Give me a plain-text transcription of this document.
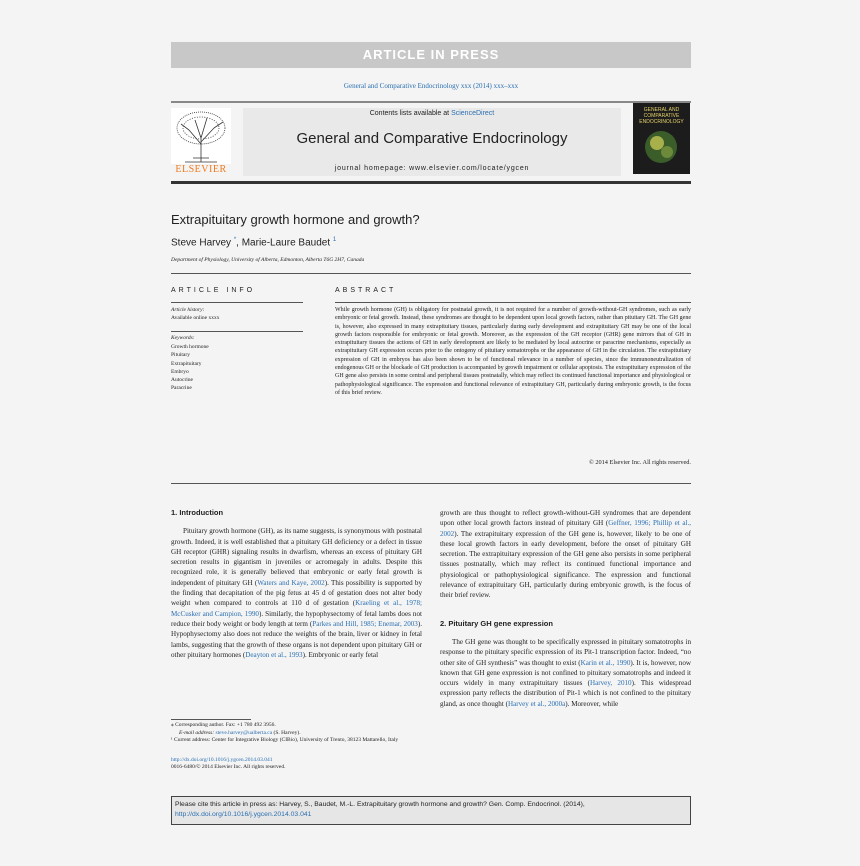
ARTICLE IN PRESS
General and Comparative Endocrinology xxx (2014) xxx–xxx
ELSEVIER
Contents lists available at ScienceDirect
General and Comparative Endocrinology
journal homepage: www.elsevier.com/locate/ygcen
GENERAL AND COMPARATIVE ENDOCRINOLOGY
Extrapituitary growth hormone and growth?
Steve Harvey *, Marie-Laure Baudet $^1$
Department of Physiology, University of Alberta, Edmonton, Alberta T6G 2H7, Canada
ARTICLE INFO
Article history:
Available online xxxx
Keywords:
Growth hormone
Pituitary
Extrapituitary
Embryo
Autocrine
Paracrine
ABSTRACT
While growth hormone (GH) is obligatory for postnatal growth, it is not required for a number of growth-without-GH syndromes, such as early embryonic or fetal growth. Instead, these syndromes are thought to be dependent upon local growth factors, rather than pituitary GH. The GH gene is, however, also expressed in many extrapituitary tissues, particularly during early development and extrapituitary GH may be one of the local growth factors responsible for embryonic or fetal growth. Moreover, as the expression of the GH receptor (GHR) gene mirrors that of GH in extrapituitary tissues the actions of GH in early development are likely to be mediated by local autocrine or paracrine mechanisms, especially as extrapituitary GH expression occurs prior to the ontogeny of pituitary somatotrophs or the appearance of GH in the circulation. The extrapituitary expression of GH in embryos has also been shown to be of functional relevance in a number of species, since the immunoneutralization of endogenous GH or the blockade of GH production is accompanied by growth impairment or cellular apoptosis. The extrapituitary expression of the GH gene also persists in some central and peripheral tissues postnatally, which may reflect its continued functional importance and physiological or pathophysiological significance. The expression and functional relevance of extrapituitary GH, particularly during embryonic growth, is the focus of this brief review.
© 2014 Elsevier Inc. All rights reserved.
1. Introduction
Pituitary growth hormone (GH), as its name suggests, is synonymous with postnatal growth. Indeed, it is well established that a pituitary GH deficiency or a defect in tissue GH receptor (GHR) signaling results in dwarfism, whereas an excess of pituitary GH secretion results in gigantism in juveniles or acromegaly in adults. Despite this recognized role, it is generally believed that embryonic or early fetal growth is independent of pituitary GH (Waters and Kaye, 2002). This possibility is supported by the finding that decapitation of the pig fetus at 45 d of gestation does not alter body weight when compared to controls at 110 d of gestation (Kraeling et al., 1978; McCusker and Campion, 1990). Similarly, the hypophysectomy of fetal lambs does not reduce their body weight or body length at term (Parkes and Hill, 1985; Enemar, 2003). Hypophysectomy also does not reduce the weights of the brain, liver or kidney in fetal lambs, suggesting that the growth of these organs is not dependent upon pituitary GH or other pituitary hormones (Deayton et al., 1993). Embryonic or early fetal
growth are thus thought to reflect growth-without-GH syndromes that are dependent upon other local growth factors instead of pituitary GH (Geffner, 1996; Phillip et al., 2002). The extrapituitary expression of the GH gene is, however, likely to be one of these local growth factors in early development, before the onset of pituitary GH secretion. The extrapituitary expression of the GH gene also persists in some peripheral tissues postnatally, which may reflect its continued functional importance and physiological or pathophysiological significance. The expression and functional relevance of extrapituitary GH, particularly during embryonic growth, is the focus of their brief review.
2. Pituitary GH gene expression
The GH gene was thought to be specifically expressed in pituitary somatotrophs in response to the pituitary specific expression of its Pit-1 transcription factor. Indeed, “no other site of GH synthesis” was thought to exist (Karin et al., 1990). It is, however, now known that GH gene expression is not confined to pituitary somatotrophs and indeed it occurs widely in many extrapituitary tissues (Harvey, 2010). This widespread expression party reflects the distribution of Pit-1 which is not confined to the pituitary gland, as once thought (Harvey et al., 2000a). Moreover, while
⁎ Corresponding author. Fax: +1 780 492 3956.
E-mail address: steve.harvey@ualberta.ca (S. Harvey).
¹ Current address: Center for Integrative Biology (CIBio), University of Trento, 38123 Mattarello, Italy
http://dx.doi.org/10.1016/j.ygcen.2014.03.041
0016-6480/© 2014 Elsevier Inc. All rights reserved.
Please cite this article in press as: Harvey, S., Baudet, M.-L. Extrapituitary growth hormone and growth? Gen. Comp. Endocrinol. (2014), http://dx.doi.org/10.1016/j.ygcen.2014.03.041
